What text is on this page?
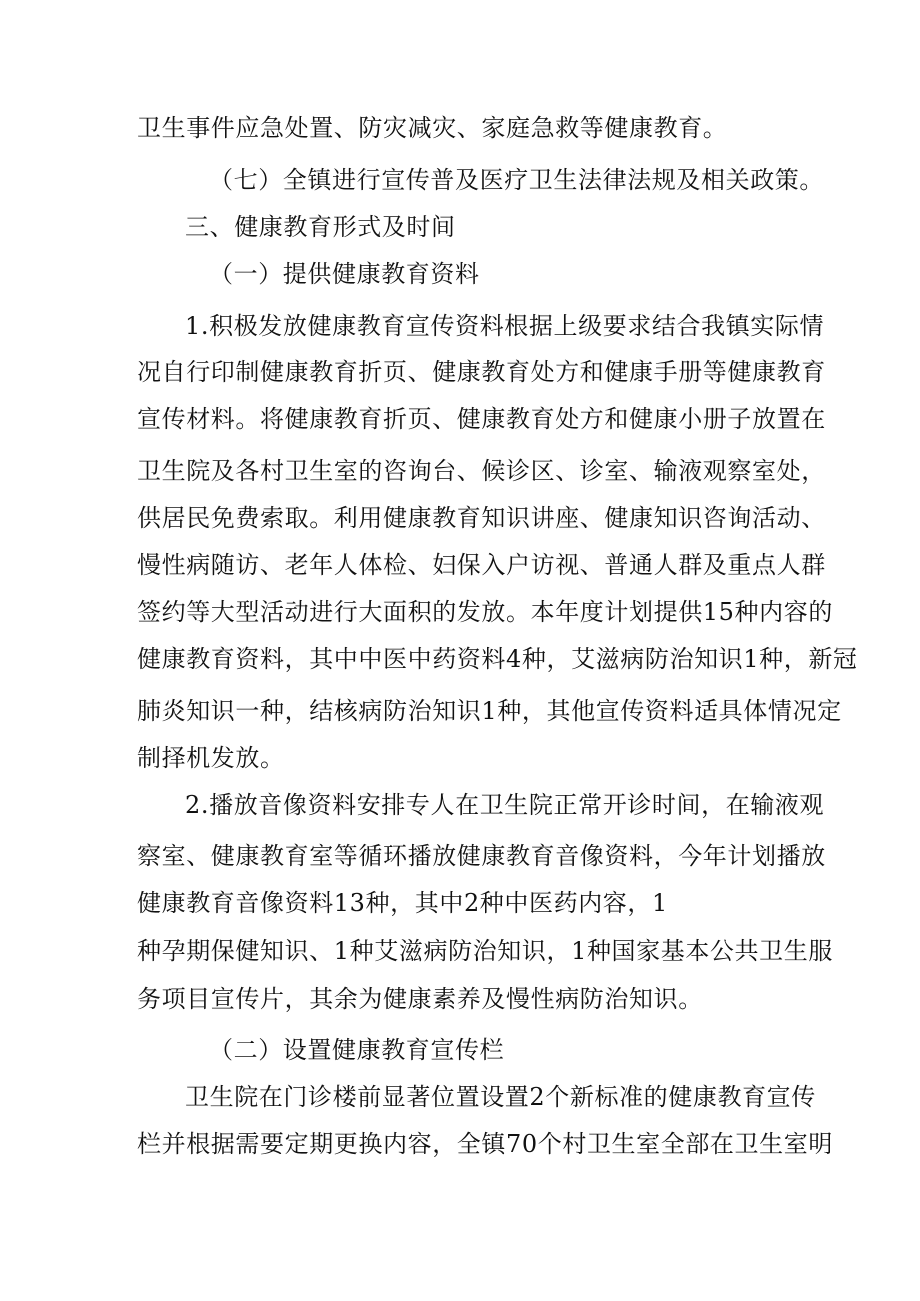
卫生事件应急处置、防灾减灾、家庭急救等健康教育。
（七）全镇进行宣传普及医疗卫生法律法规及相关政策。
三、健康教育形式及时间
（一）提供健康教育资料
1.积极发放健康教育宣传资料根据上级要求结合我镇实际情
况自行印制健康教育折页、健康教育处方和健康手册等健康教育
宣传材料。将健康教育折页、健康教育处方和健康小册子放置在
卫生院及各村卫生室的咨询台、候诊区、诊室、输液观察室处，
供居民免费索取。利用健康教育知识讲座、健康知识咨询活动、
慢性病随访、老年人体检、妇保入户访视、普通人群及重点人群
签约等大型活动进行大面积的发放。本年度计划提供15种内容的
健康教育资料，其中中医中药资料4种，艾滋病防治知识1种，新冠
肺炎知识一种，结核病防治知识1种，其他宣传资料适具体情况定
制择机发放。
2.播放音像资料安排专人在卫生院正常开诊时间，在输液观
察室、健康教育室等循环播放健康教育音像资料，今年计划播放
健康教育音像资料13种，其中2种中医药内容，1
种孕期保健知识、1种艾滋病防治知识，1种国家基本公共卫生服
务项目宣传片，其余为健康素养及慢性病防治知识。
（二）设置健康教育宣传栏
卫生院在门诊楼前显著位置设置2个新标准的健康教育宣传
栏并根据需要定期更换内容，全镇70个村卫生室全部在卫生室明
